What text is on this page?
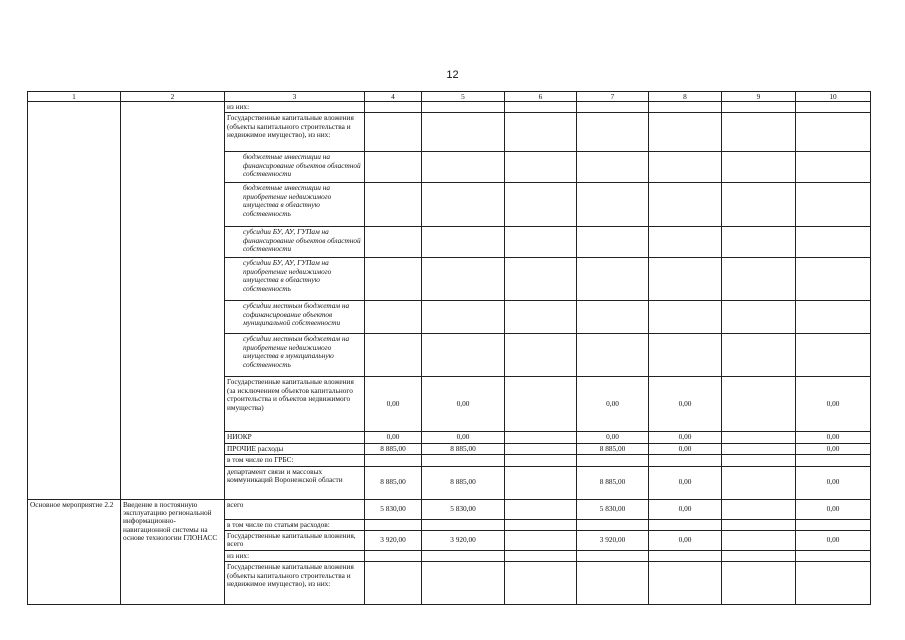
12
1	2	3	4	5	6	7	8	9	10
		из них:							
		Государственные капитальные вложения (объекты капитального строительства и недвижимое имущество), из них:							
		бюджетные инвестиции на финансирование объектов областной собственности							
		бюджетные инвестиции на приобретение недвижимого имущества в областную собственность							
		субсидии БУ, АУ, ГУПам на финансирование объектов областной собственности							
		субсидии БУ, АУ, ГУПам на приобретение недвижимого имущества в областную собственность							
		субсидии местным бюджетам на софинансирование объектов муниципальной собственности							
		субсидии местным бюджетам на приобретение недвижимого имущества в муниципальную собственность							
		Государственные капитальные вложения (за исключением объектов капитального строительства и объектов недвижимого имущества)	0,00	0,00		0,00	0,00		0,00
		НИОКР	0,00	0,00		0,00	0,00		0,00
		ПРОЧИЕ расходы	8 885,00	8 885,00		8 885,00	0,00		0,00
		в том числе по ГРБС:							
		департамент связи и массовых коммуникаций Воронежской области	8 885,00	8 885,00		8 885,00	0,00		0,00
Основное мероприятие 2.2	Введение в постоянную эксплуатацию региональной информационно-навигационной системы на основе технологии ГЛОНАСС	всего	5 830,00	5 830,00		5 830,00	0,00		0,00
		в том числе по статьям расходов:							
		Государственные капитальные вложения, всего	3 920,00	3 920,00		3 920,00	0,00		0,00
		из них:							
		Государственные капитальные вложения (объекты капитального строительства и недвижимое имущество), из них:							
